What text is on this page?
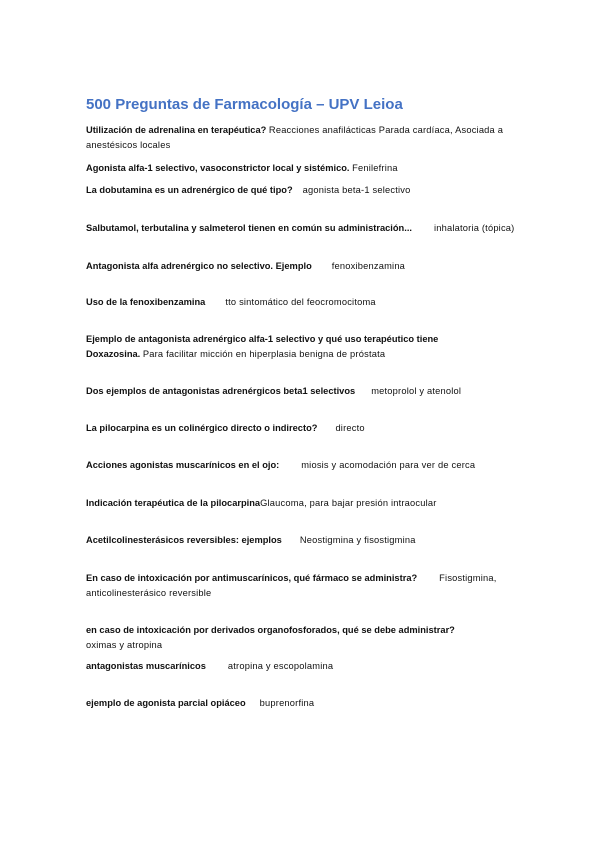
500 Preguntas de Farmacología – UPV Leioa
Utilización de adrenalina en terapéutica? Reacciones anafilácticas Parada cardíaca, Asociada a anestésicos locales
Agonista alfa-1 selectivo, vasoconstrictor local y sistémico. Fenilefrina
La dobutamina es un adrenérgico de qué tipo? agonista beta-1 selectivo
Salbutamol, terbutalina y salmeterol tienen en común su administración... inhalatoria (tópica)
Antagonista alfa adrenérgico no selectivo. Ejemplo fenoxibenzamina
Uso de la fenoxibenzamina tto sintomático del feocromocitoma
Ejemplo de antagonista adrenérgico alfa-1 selectivo y qué uso terapéutico tiene
Doxazosina. Para facilitar micción en hiperplasia benigna de próstata
Dos ejemplos de antagonistas adrenérgicos beta1 selectivos metoprolol y atenolol
La pilocarpina es un colinérgico directo o indirecto? directo
Acciones agonistas muscarínicos en el ojo: miosis y acomodación para ver de cerca
Indicación terapéutica de la pilocarpinaGlaucoma, para bajar presión intraocular
Acetilcolinesterásicos reversibles: ejemplos Neostigmina y fisostigmina
En caso de intoxicación por antimuscarínicos, qué fármaco se administra? Fisostigmina, anticolinesterásico reversible
en caso de intoxicación por derivados organofosforados, qué se debe administrar?
oximas y atropina
antagonistas muscarínicos atropina y escopolamina
ejemplo de agonista parcial opiáceo buprenorfina
